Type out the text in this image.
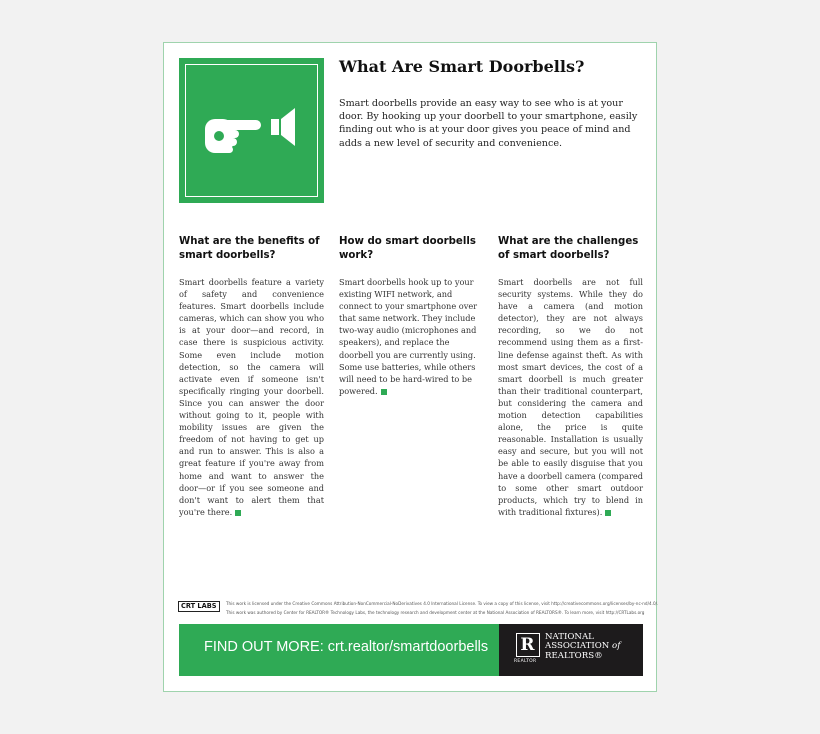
What Are Smart Doorbells?
Smart doorbells provide an easy way to see who is at your door. By hooking up your doorbell to your smartphone, easily finding out who is at your door gives you peace of mind and adds a new level of security and convenience.
What are the benefits of smart doorbells?

Smart doorbells feature a variety of safety and convenience features. Smart doorbells include cameras, which can show you who is at your door—and record, in case there is suspicious activity. Some even include motion detection, so the camera will activate even if someone isn't specifically ringing your doorbell. Since you can answer the door without going to it, people with mobility issues are given the freedom of not having to get up and run to answer. This is also a great feature if you're away from home and want to answer the door—or if you see someone and don't want to alert them that you're there.

How do smart doorbells work?

Smart doorbells hook up to your existing WIFI network, and connect to your smartphone over that same network. They include two-way audio (microphones and speakers), and replace the doorbell you are currently using. Some use batteries, while others will need to be hard-wired to be powered.

What are the challenges of smart doorbells?

Smart doorbells are not full security systems. While they do have a camera (and motion detector), they are not always recording, so we do not recommend using them as a first-line defense against theft. As with most smart devices, the cost of a smart doorbell is much greater than their traditional counterpart, but considering the camera and motion detection capabilities alone, the price is quite reasonable. Installation is usually easy and secure, but you will not be able to easily disguise that you have a doorbell camera (compared to some other smart outdoor products, which try to blend in with traditional fixtures).

CRT LABS	This work is licensed under the Creative Commons Attribution-NonCommercial-NoDerivatives 4.0 International License. To view a copy of this license, visit http://creativecommons.org/licenses/by-nc-nd/4.0/.
This work was authored by Center for REALTOR® Technology Labs, the technology research and development center at the National Association of REALTORS®. To learn more, visit http://CRTLabs.org
FIND OUT MORE: crt.realtor/smartdoorbells R
REALTOR
NATIONAL
ASSOCIATION of
REALTORS®
